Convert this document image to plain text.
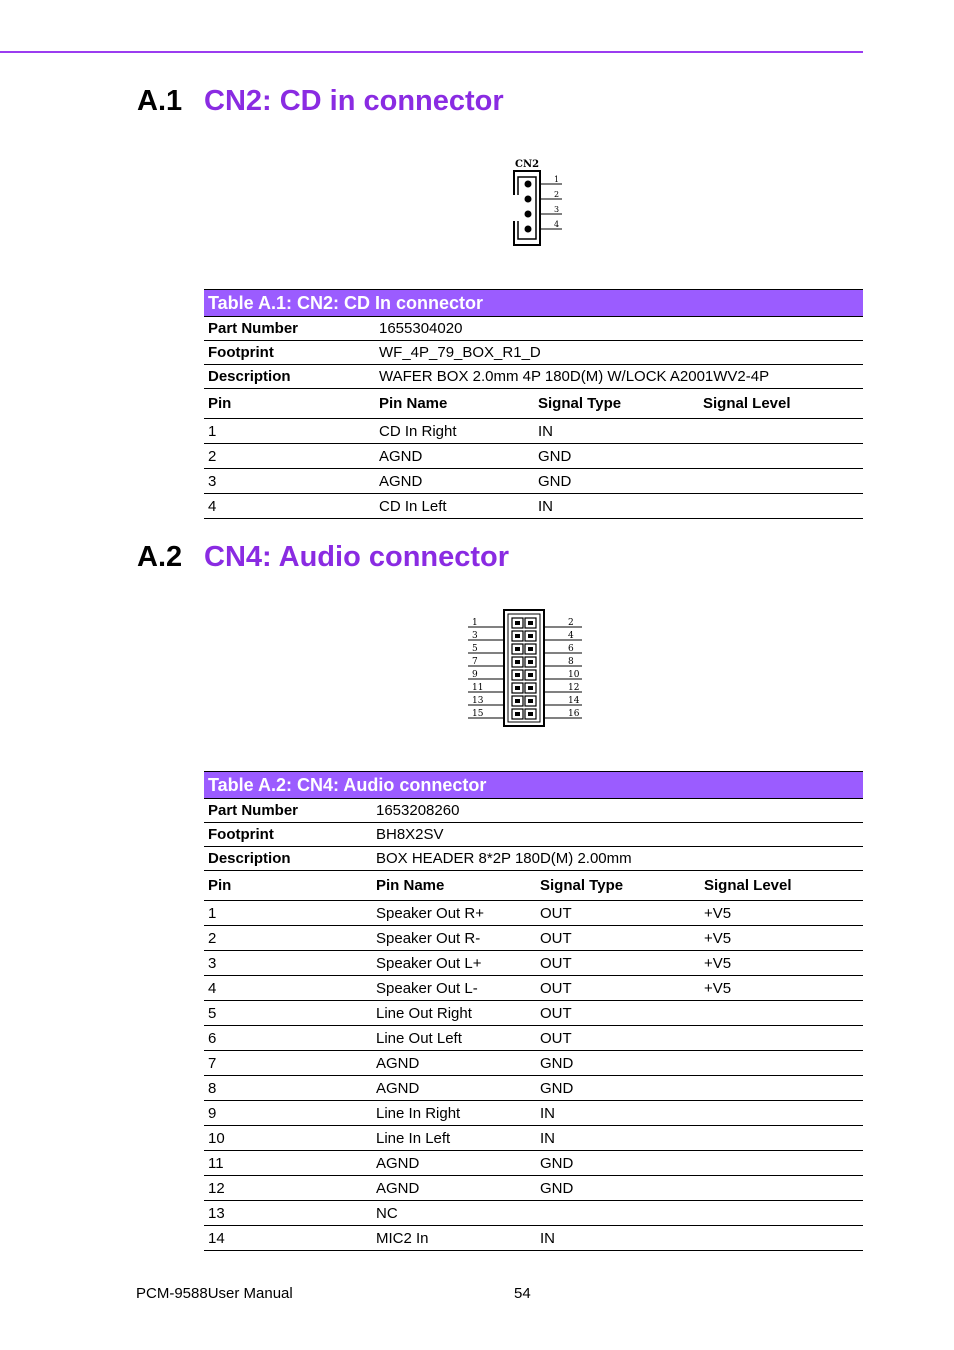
A.1 CN2: CD in connector
CN2
1
2
3
4
Table A.1: CN2: CD In connector			
Part Number	1655304020		
Footprint	WF_4P_79_BOX_R1_D		
Description	WAFER BOX 2.0mm 4P 180D(M) W/LOCK A2001WV2-4P		
Pin	Pin Name	Signal Type	Signal Level
1	CD In Right	IN	
2	AGND	GND	
3	AGND	GND	
4	CD In Left	IN	
A.2 CN4: Audio connector
1	2
3	4
5	6
7	8
9	10
11	12
13	14
15	16
Table A.2: CN4: Audio connector			
Part Number	1653208260		
Footprint	BH8X2SV		
Description	BOX HEADER 8*2P 180D(M) 2.00mm		
Pin	Pin Name	Signal Type	Signal Level
1	Speaker Out R+	OUT	+V5
2	Speaker Out R-	OUT	+V5
3	Speaker Out L+	OUT	+V5
4	Speaker Out L-	OUT	+V5
5	Line Out Right	OUT	
6	Line Out Left	OUT	
7	AGND	GND	
8	AGND	GND	
9	Line In Right	IN	
10	Line In Left	IN	
11	AGND	GND	
12	AGND	GND	
13	NC		
14	MIC2 In	IN	
PCM-9588User Manual	54
